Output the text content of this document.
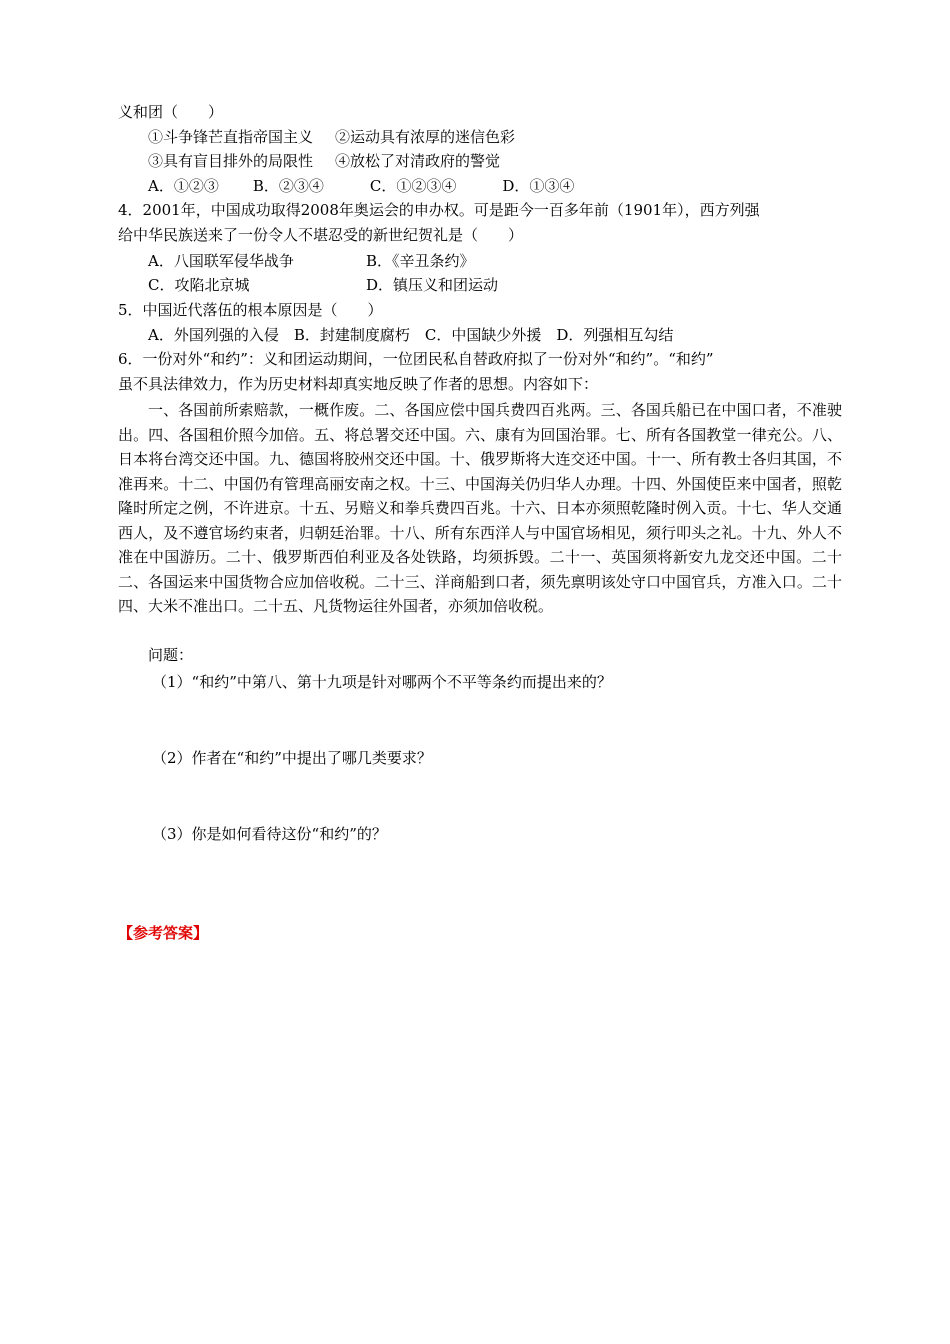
义和团（　　）
①斗争锋芒直指帝国主义 ②运动具有浓厚的迷信色彩
③具有盲目排外的局限性 ④放松了对清政府的警觉
A．①②③ B．②③④	C．①②③④	D．①③④
4．2001年，中国成功取得2008年奥运会的申办权。可是距今一百多年前（1901年），西方列强
给中华民族送来了一份令人不堪忍受的新世纪贺礼是（　　）
A．八国联军侵华战争	B．《辛丑条约》
C．攻陷北京城	D．镇压义和团运动
5．中国近代落伍的根本原因是（　　）
A．外国列强的入侵　B．封建制度腐朽　C．中国缺少外援　D．列强相互勾结
6．一份对外“和约”：义和团运动期间，一位团民私自替政府拟了一份对外“和约”。“和约”
虽不具法律效力，作为历史材料却真实地反映了作者的思想。内容如下：
一、各国前所索赔款，一概作废。二、各国应偿中国兵费四百兆两。三、各国兵船已在中国口者，不准驶出。四、各国租价照今加倍。五、将总署交还中国。六、康有为回国治罪。七、所有各国教堂一律充公。八、日本将台湾交还中国。九、德国将胶州交还中国。十、俄罗斯将大连交还中国。十一、所有教士各归其国，不准再来。十二、中国仍有管理高丽安南之权。十三、中国海关仍归华人办理。十四、外国使臣来中国者，照乾隆时所定之例，不许进京。十五、另赔义和拳兵费四百兆。十六、日本亦须照乾隆时例入贡。十七、华人交通西人，及不遵官场约束者，归朝廷治罪。十八、所有东西洋人与中国官场相见，须行叩头之礼。十九、外人不准在中国游历。二十、俄罗斯西伯利亚及各处铁路，均须拆毁。二十一、英国须将新安九龙交还中国。二十二、各国运来中国货物合应加倍收税。二十三、洋商船到口者，须先禀明该处守口中国官兵，方准入口。二十四、大米不准出口。二十五、凡货物运往外国者，亦须加倍收税。
问题：
（1）“和约”中第八、第十九项是针对哪两个不平等条约而提出来的？
（2）作者在“和约”中提出了哪几类要求？
（3）你是如何看待这份“和约”的？
【参考答案】
